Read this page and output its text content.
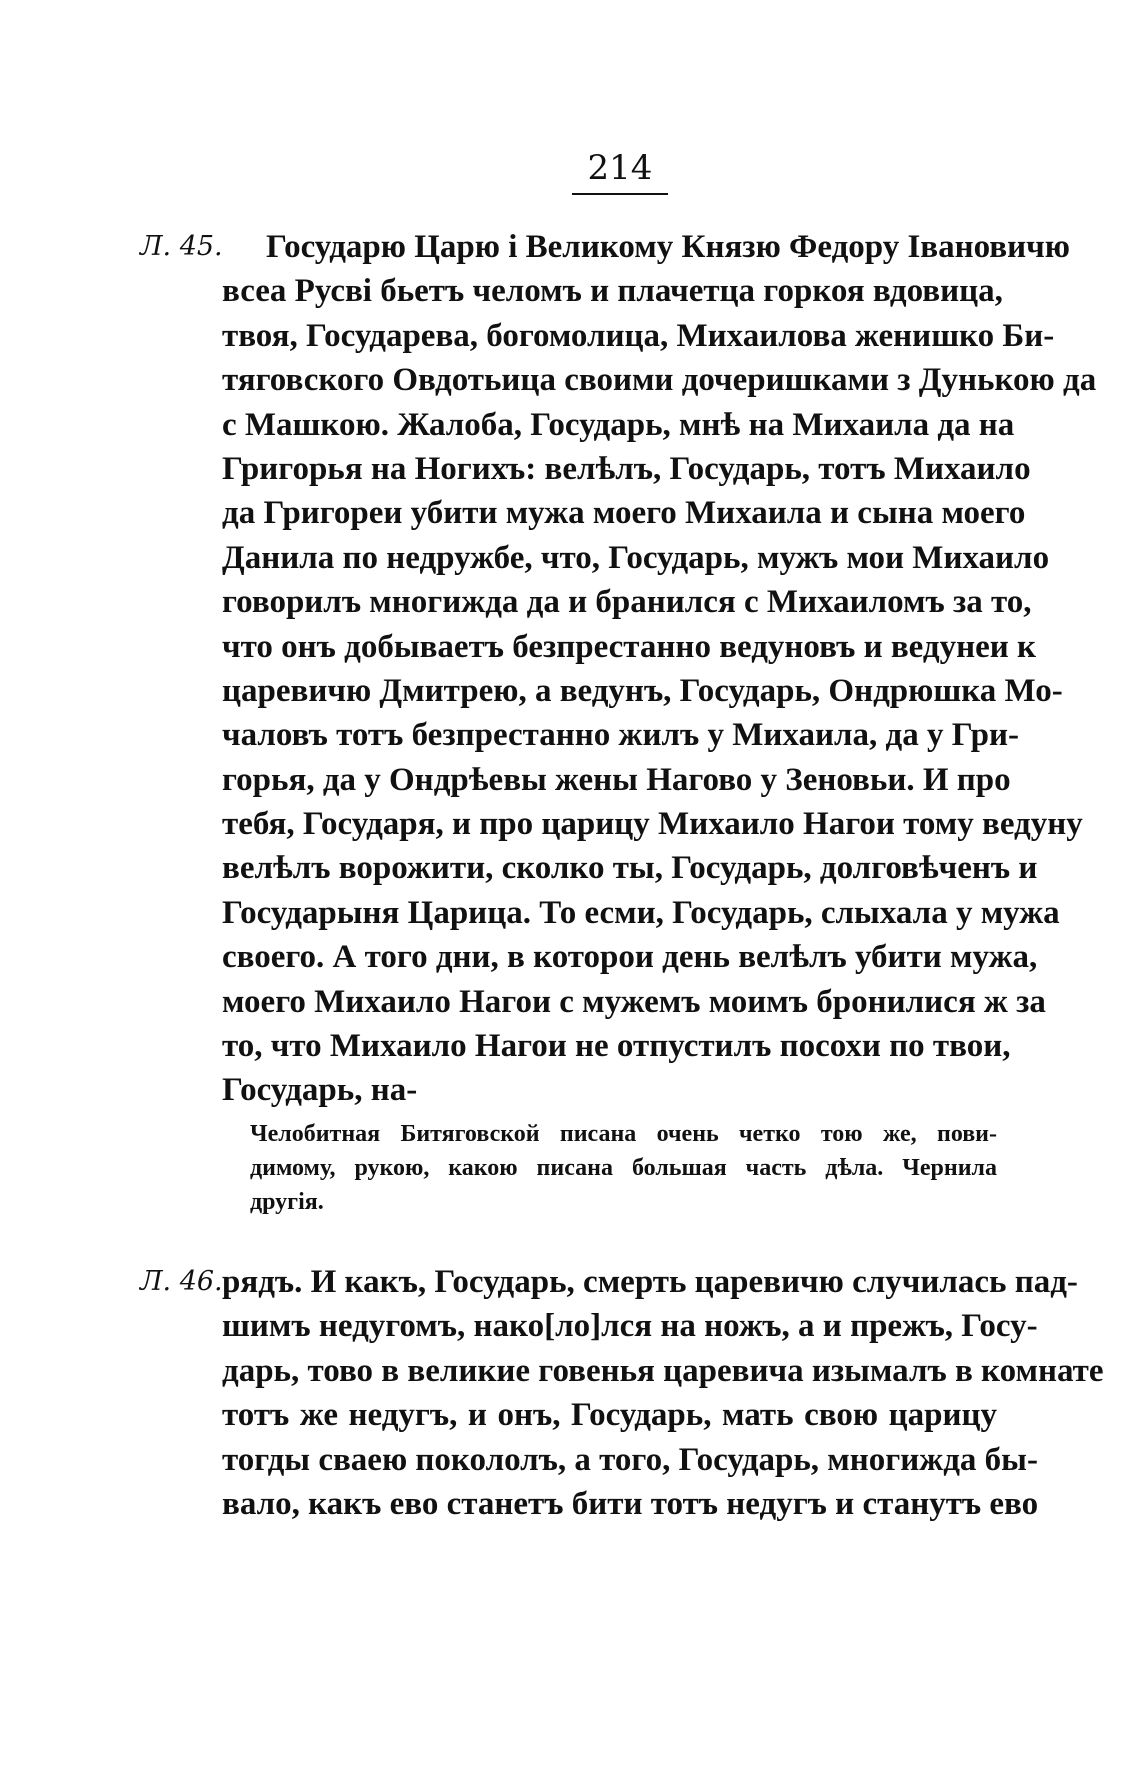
214
Л. 45.	Государю Царю і Великому Князю Федору Івановичю
всеа Русві бьетъ челомъ и плачетца горкоя вдовица,
твоя, Государева, богомолица, Михаилова женишко Би-
тяговского Овдотьица своими дочеришками з Дунькою да
с Машкою. Жалоба, Государь, мнѣ на Михаила да на
Григорья на Ногихъ: велѣлъ, Государь, тотъ Михаило
да Григореи убити мужа моего Михаила и сына моего
Данила по недружбе, что, Государь, мужъ мои Михаило
говорилъ многижда да и бранился с Михаиломъ за то,
что онъ добываетъ безпрестанно ведуновъ и ведунеи к
царевичю Дмитрею, а ведунъ, Государь, Ондрюшка Мо-
чаловъ тотъ безпрестанно жилъ у Михаила, да у Гри-
горья, да у Ондрѣевы жены Нагово у Зеновьи. И про
тебя, Государя, и про царицу Михаило Нагои тому ведуну
велѣлъ ворожити, сколко ты, Государь, долговѣченъ и
Государыня Царица. То есми, Государь, слыхала у мужа
своего. А того дни, в которои день велѣлъ убити мужа,
моего Михаило Нагои с мужемъ моимъ бронилися ж за
то, что Михаило Нагои не отпустилъ посохи по твои,
Государь, на-
Челобитная Битяговской писана очень четко тою же, пови-
димому, рукою, какою писана большая часть дѣла. Чернила
другія.
Л. 46. рядъ. И какъ, Государь, смерть царевичю случилась пад-
шимъ недугомъ, нако[ло]лся на ножъ, а и прежъ, Госу-
дарь, тово в великие говенья царевича изымалъ в комнате
тотъ же недугъ, и онъ, Государь, мать свою царицу
тогды сваею покололъ, а того, Государь, многижда бы-
вало, какъ ево станетъ бити тотъ недугъ и станутъ ево
